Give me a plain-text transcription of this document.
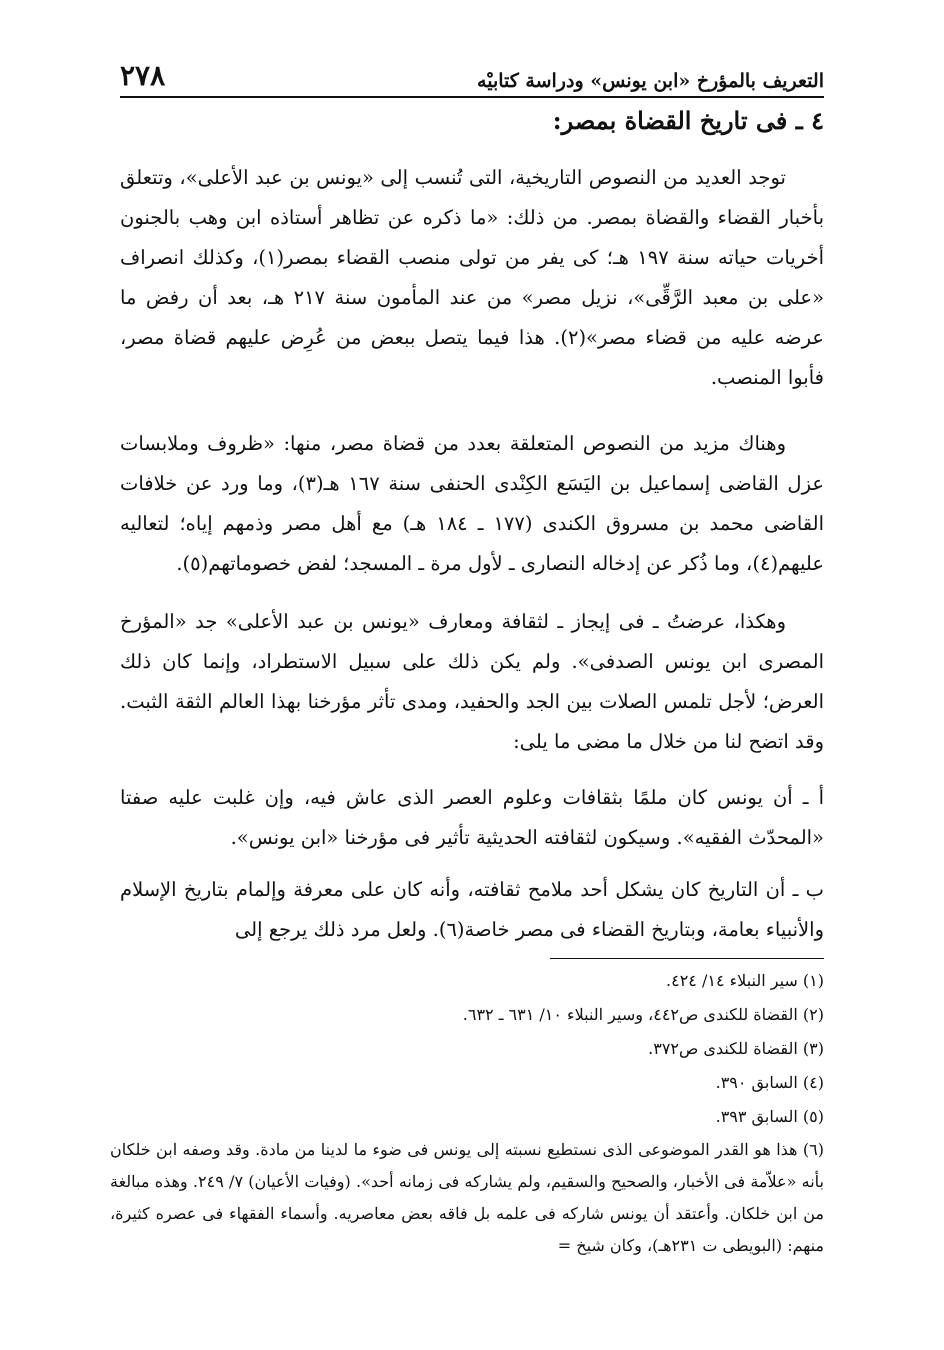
٢٧٨	التعريف بالمؤرخ «ابن يونس» ودراسة كتابيْه
٤ ـ فى تاريخ القضاة بمصر:
توجد العديد من النصوص التاريخية، التى تُنسب إلى «يونس بن عبد الأعلى»، وتتعلق بأخبار القضاء والقضاة بمصر. من ذلك: «ما ذكره عن تظاهر أستاذه ابن وهب بالجنون أخريات حياته سنة ١٩٧ هـ؛ كى يفر من تولى منصب القضاء بمصر(١)، وكذلك انصراف «على بن معبد الرَّقِّى»، نزيل مصر» من عند المأمون سنة ٢١٧ هـ، بعد أن رفض ما عرضه عليه من قضاء مصر»(٢). هذا فيما يتصل ببعض من عُرِض عليهم قضاة مصر، فأبوا المنصب.
وهناك مزيد من النصوص المتعلقة بعدد من قضاة مصر، منها: «ظروف وملابسات عزل القاضى إسماعيل بن اليَسَع الكِنْدى الحنفى سنة ١٦٧ هـ(٣)، وما ورد عن خلافات القاضى محمد بن مسروق الكندى (١٧٧ ـ ١٨٤ هـ) مع أهل مصر وذمهم إياه؛ لتعاليه عليهم(٤)، وما ذُكر عن إدخاله النصارى ـ لأول مرة ـ المسجد؛ لفض خصوماتهم(٥).
وهكذا، عرضتُ ـ فى إيجاز ـ لثقافة ومعارف «يونس بن عبد الأعلى» جد «المؤرخ المصرى ابن يونس الصدفى». ولم يكن ذلك على سبيل الاستطراد، وإنما كان ذلك العرض؛ لأجل تلمس الصلات بين الجد والحفيد، ومدى تأثر مؤرخنا بهذا العالم الثقة الثبت. وقد اتضح لنا من خلال ما مضى ما يلى:
أ ـ أن يونس كان ملمًا بثقافات وعلوم العصر الذى عاش فيه، وإن غلبت عليه صفتا «المحدّث الفقيه». وسيكون لثقافته الحديثية تأثير فى مؤرخنا «ابن يونس».
ب ـ أن التاريخ كان يشكل أحد ملامح ثقافته، وأنه كان على معرفة وإلمام بتاريخ الإسلام والأنبياء بعامة، وبتاريخ القضاء فى مصر خاصة(٦). ولعل مرد ذلك يرجع إلى
(١) سير النبلاء ١٤/ ٤٢٤.
(٢) القضاة للكندى ص٤٤٢، وسير النبلاء ١٠/ ٦٣١ ـ ٦٣٢.
(٣) القضاة للكندى ص٣٧٢.
(٤) السابق ٣٩٠.
(٥) السابق ٣٩٣.
(٦) هذا هو القدر الموضوعى الذى نستطيع نسبته إلى يونس فى ضوء ما لدينا من مادة. وقد وصفه ابن خلكان بأنه «علاّمة فى الأخبار، والصحيح والسقيم، ولم يشاركه فى زمانه أحد». (وفيات الأعيان) ٧/ ٢٤٩. وهذه مبالغة من ابن خلكان. وأعتقد أن يونس شاركه فى علمه بل فاقه بعض معاصريه. وأسماء الفقهاء فى عصره كثيرة، منهم: (البويطى ت ٢٣١هـ)، وكان شيخ =
